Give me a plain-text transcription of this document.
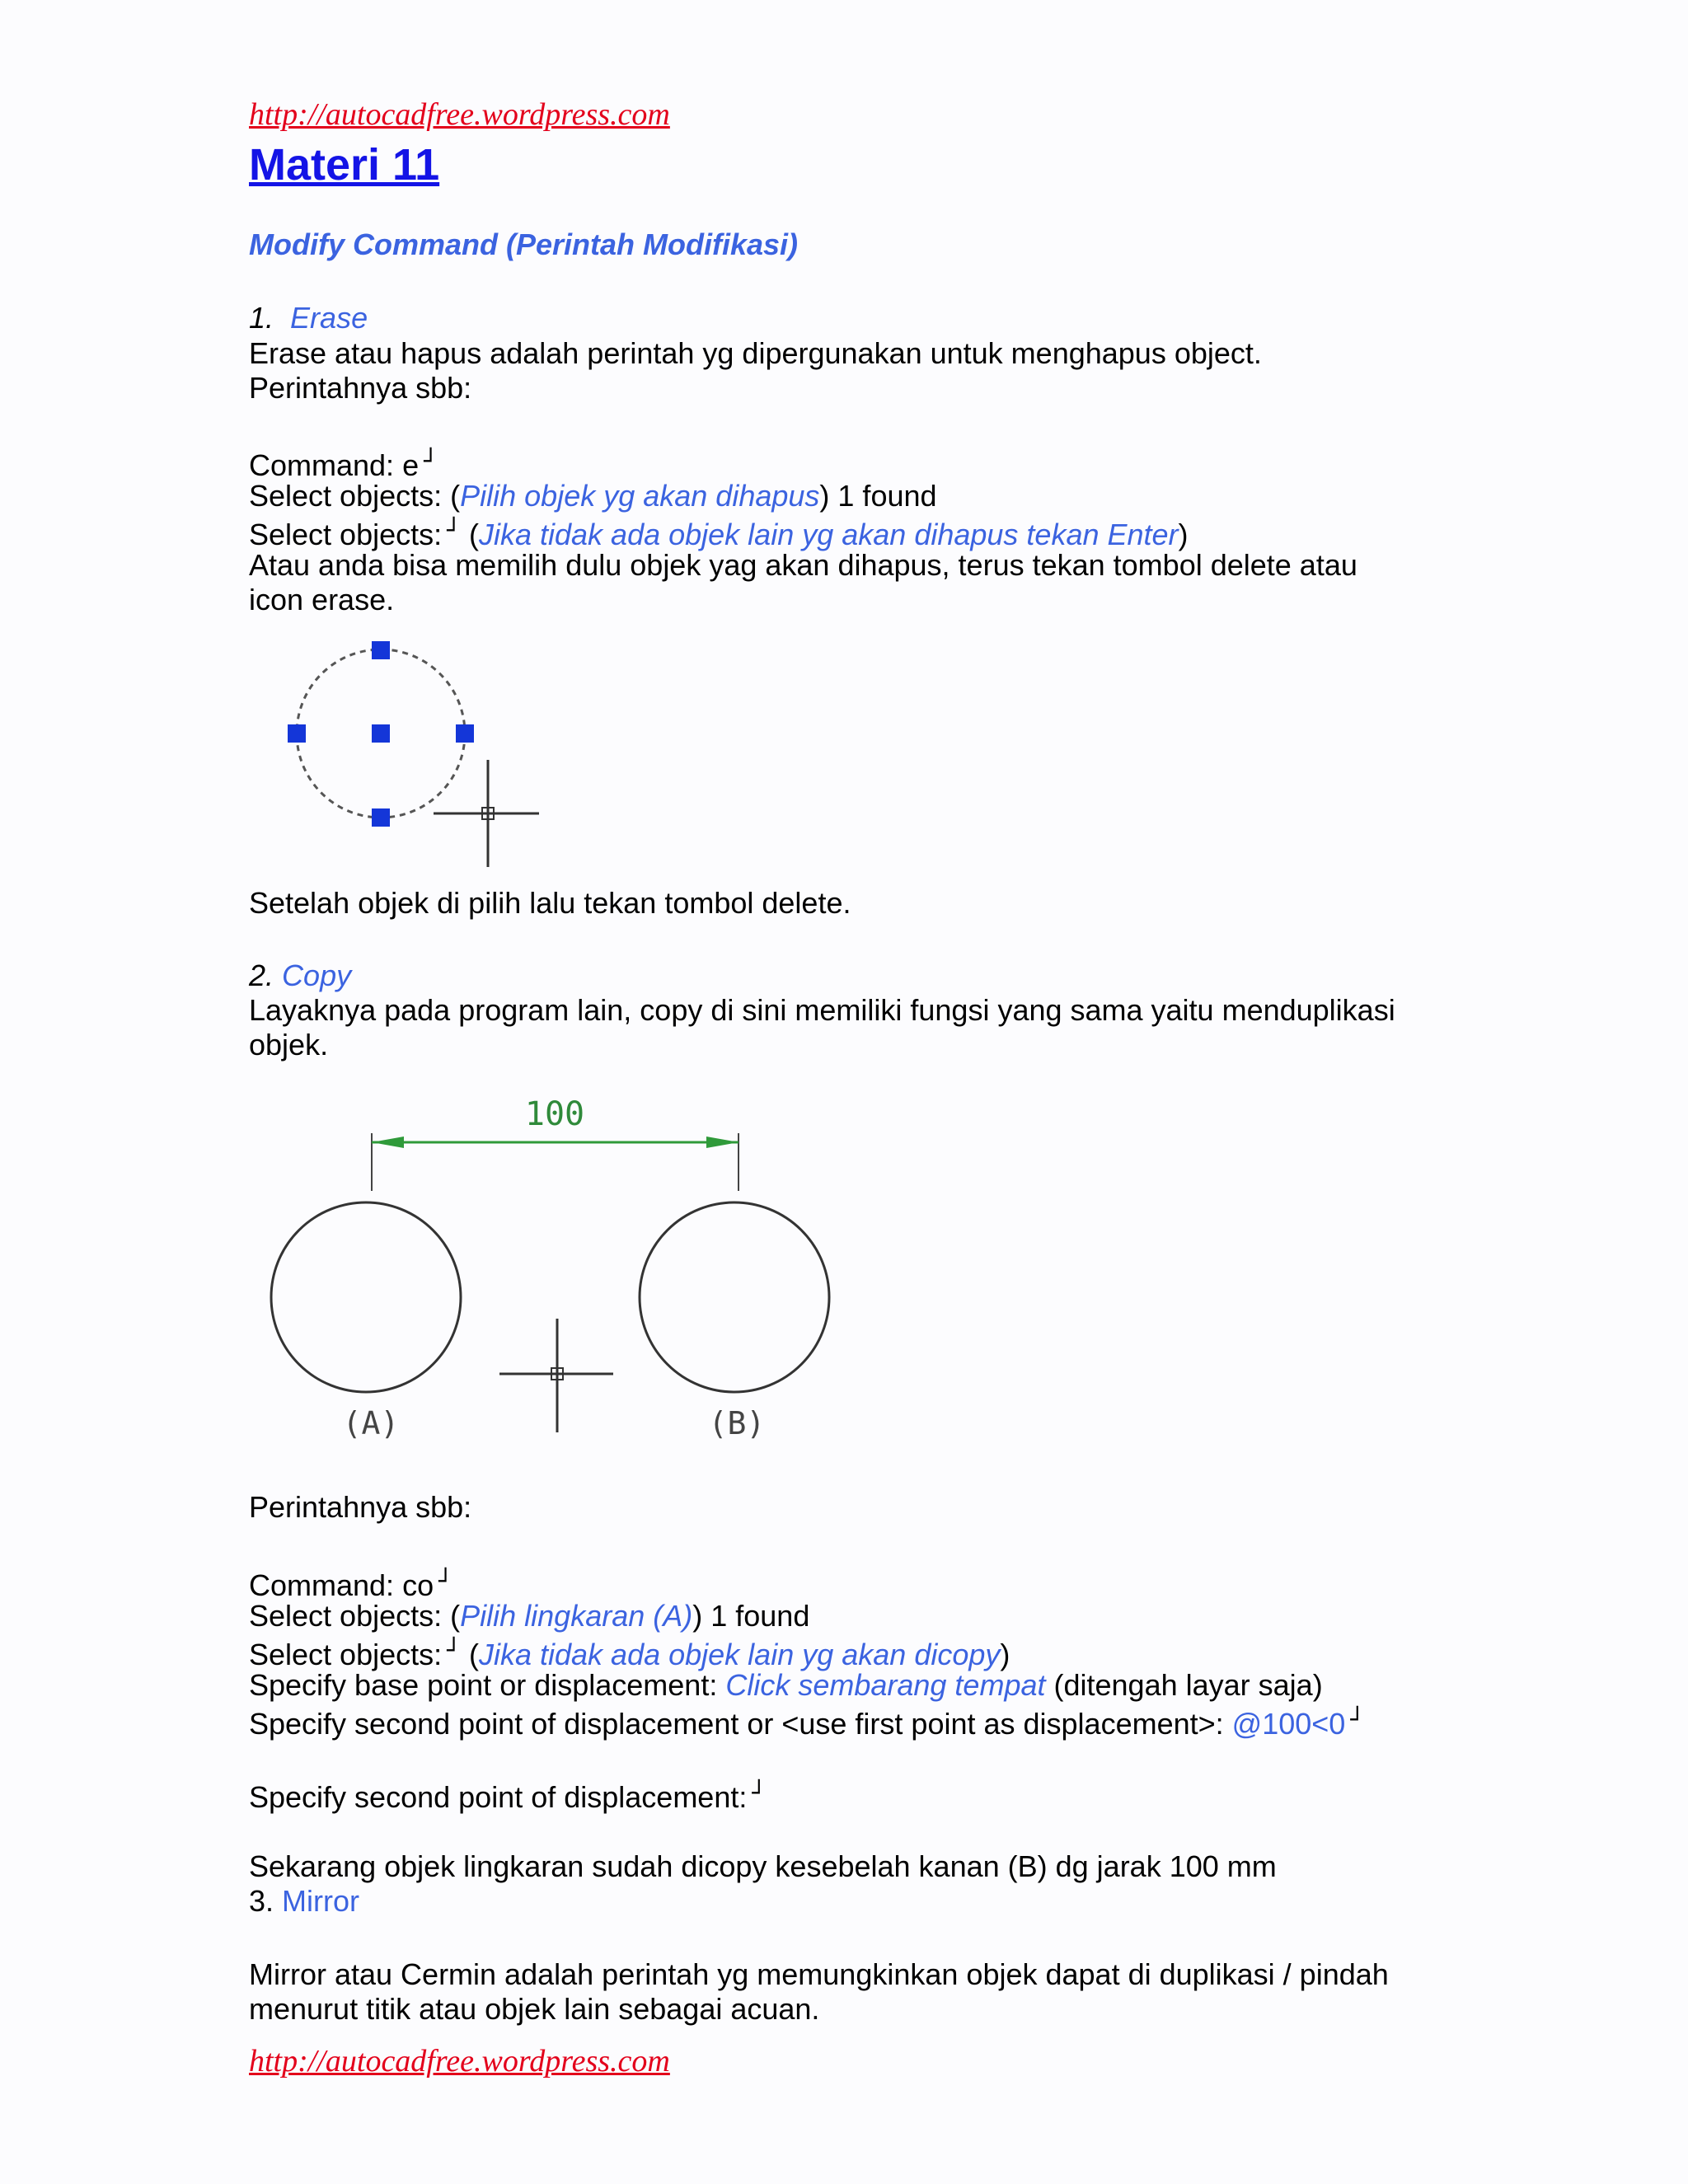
http://autocadfree.wordpress.com
Materi 11
Modify Command (Perintah Modifikasi)
1. Erase
Erase atau hapus adalah perintah yg dipergunakan untuk menghapus object.
Perintahnya sbb:
Command: e ┘
Select objects: (Pilih objek yg akan dihapus) 1 found
Select objects: ┘ (Jika tidak ada objek lain yg akan dihapus tekan Enter)
Atau anda bisa memilih dulu objek yag akan dihapus, terus tekan tombol delete atau
icon erase.
Setelah objek di pilih lalu tekan tombol delete.
2. Copy
Layaknya pada program lain, copy di sini memiliki fungsi yang sama yaitu menduplikasi
objek.
100
(A)	(B)
Perintahnya sbb:
Command: co ┘
Select objects: (Pilih lingkaran (A)) 1 found
Select objects: ┘ (Jika tidak ada objek lain yg akan dicopy)
Specify base point or displacement: Click sembarang tempat (ditengah layar saja)
Specify second point of displacement or <use first point as displacement>: @100<0 ┘
Specify second point of displacement: ┘
Sekarang objek lingkaran sudah dicopy kesebelah kanan (B) dg jarak 100 mm
3. Mirror
Mirror atau Cermin adalah perintah yg memungkinkan objek dapat di duplikasi / pindah
menurut titik atau objek lain sebagai acuan.
http://autocadfree.wordpress.com
